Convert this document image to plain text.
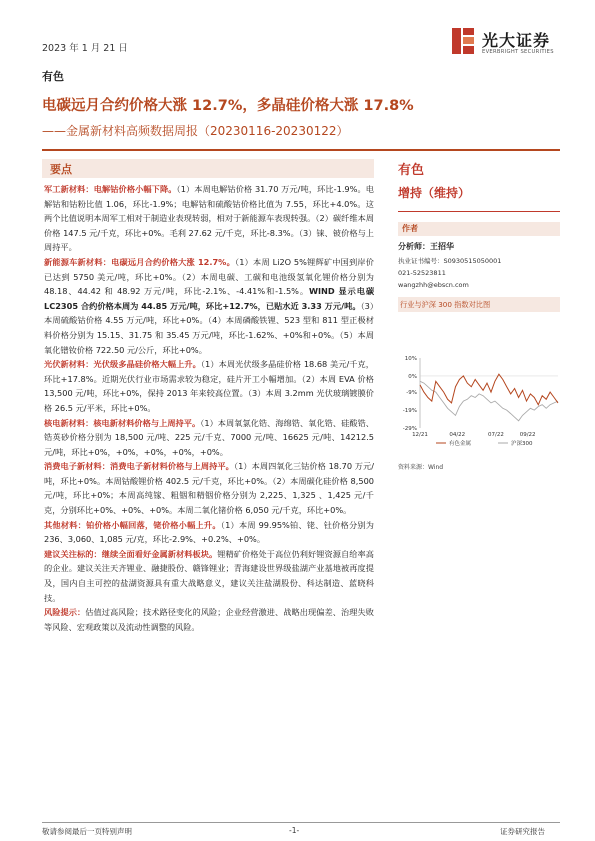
2023 年 1 月 21 日	光大证券
EVERBRIGHT SECURITIES
有色
电碳远月合约价格大涨 12.7%，多晶硅价格大涨 17.8%
——金属新材料高频数据周报（20230116-20230122）
要点

军工新材料：电解钴价格小幅下降。（1）本周电解钴价格 31.70 万元/吨，环比-1.9%。电解钴和钴粉比值 1.06，环比-1.9%；电解钴和硫酸钴价格比值为 7.55，环比+4.0%。这两个比值说明本周军工相对于制造业表现转弱，相对于新能源车表现转强。（2）碳纤维本周价格 147.5 元/千克，环比+0%。毛利 27.62 元/千克，环比-8.3%。（3）铼、铍价格与上周持平。

新能源车新材料：电碳远月合约价格大涨 12.7%。（1）本周 Li2O 5%锂辉矿中国到岸价已达到 5750 美元/吨，环比+0%。（2）本周电碳、工碳和电池级氢氧化锂价格分别为 48.18、44.42 和 48.92 万元/吨，环比-2.1%、-4.41%和-1.5%。WIND 显示电碳 LC2305 合约价格本周为 44.85 万元/吨，环比+12.7%，已贴水近 3.33 万元/吨。（3）本周硫酸钴价格 4.55 万元/吨，环比+0%。（4）本周磷酸铁锂、523 型和 811 型正极材料价格分别为 15.15、31.75 和 35.45 万元/吨，环比-1.62%、+0%和+0%。（5）本周氧化镨钕价格 722.50 元/公斤，环比+0%。

光伏新材料：光伏级多晶硅价格大幅上升。（1）本周光伏级多晶硅价格 18.68 美元/千克，环比+17.8%。近期光伏行业市场需求较为稳定，硅片开工小幅增加。（2）本周 EVA 价格 13,500 元/吨，环比+0%，保持 2013 年来较高位置。（3）本周 3.2mm 光伏玻璃镀膜价格 26.5 元/平米，环比+0%。

核电新材料：核电新材料价格与上周持平。（1）本周氧氯化锆、海绵锆、氧化锆、硅酸锆、锆英砂价格分别为 18,500 元/吨、225 元/千克、7000 元/吨、16625 元/吨、14212.5 元/吨，环比+0%，+0%，+0%，+0%，+0%。

消费电子新材料：消费电子新材料价格与上周持平。（1）本周四氧化三钴价格 18.70 万元/吨，环比+0%。本周钴酸锂价格 402.5 元/千克，环比+0%。（2）本周碳化硅价格 8,500 元/吨，环比+0%；本周高纯镓、粗铟和精铟价格分别为 2,225、1,325 、1,425 元/千克，分别环比+0%、+0%、+0%。本周二氧化锗价格 6,050 元/千克，环比+0%。

其他材料：铂价格小幅回落，铑价格小幅上升。（1）本周 99.95%铂、铑、钍价格分别为 236、3,060、1,085 元/克，环比-2.9%、+0.2%、+0%。

建议关注标的：继续全面看好金属新材料板块。锂精矿价格处于高位仍利好锂资源自给率高的企业。建议关注天齐锂业、融捷股份、赣锋锂业；青海建设世界级盐湖产业基地被再度提及，国内自主可控的盐湖资源具有重大战略意义，建议关注盐湖股份、科达制造、蓝晓科技。

风险提示：估值过高风险；技术路径变化的风险；企业经营激进、战略出现偏差、治理失败等风险、宏观政策以及流动性调整的风险。

有色
增持（维持）
作者
分析师：王招华
执业证书编号：S0930515050001
021-52523811
wangzhh@ebscn.com
行业与沪深 300 指数对比图
10%
0%
-9%
-19%
-29%
12/21	04/22	07/22	09/22
有色金属	沪深300
资料来源：Wind
敬请参阅最后一页特别声明	-1-	证券研究报告
